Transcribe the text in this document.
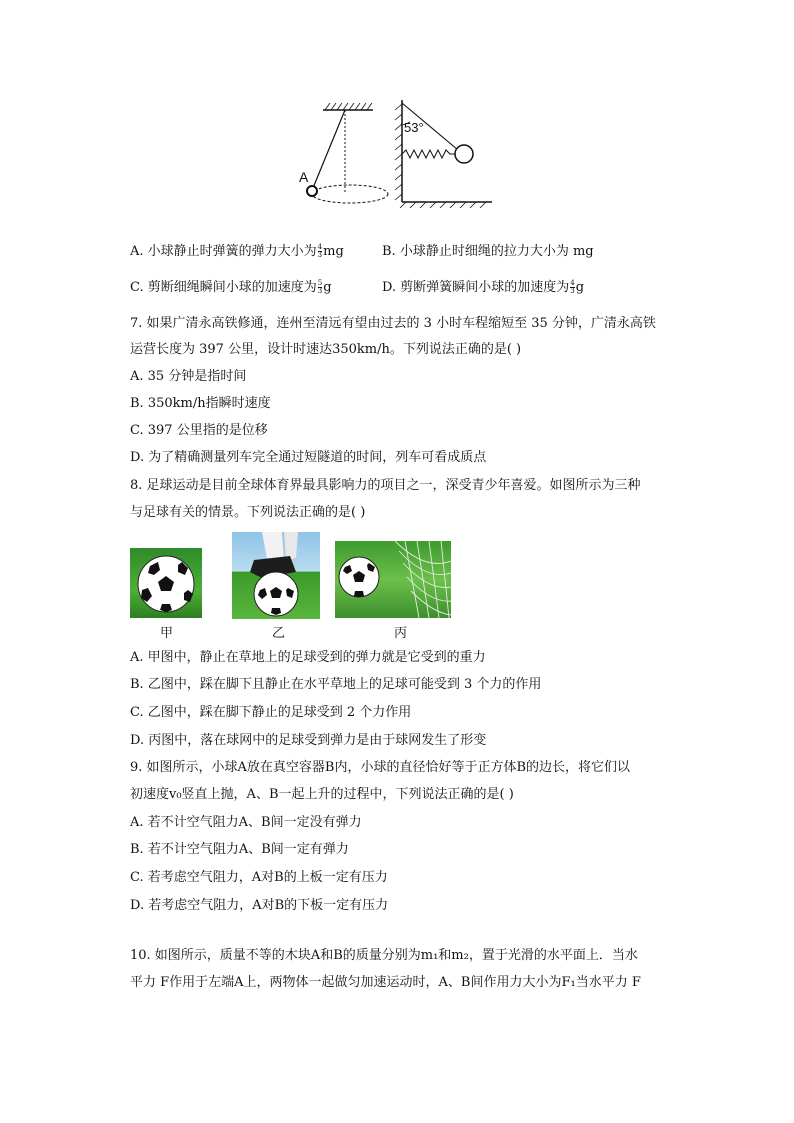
A
53°
A. 小球静止时弹簧的弹力大小为 $\frac{4}{3}$ mg	B. 小球静止时细绳的拉力大小为 mg
C. 剪断细绳瞬间小球的加速度为 $\frac{5}{3}$ g	D. 剪断弹簧瞬间小球的加速度为 $\frac{4}{3}$ g
7. 如果广清永高铁修通，连州至清远有望由过去的 3 小时车程缩短至 35 分钟，广清永高铁
运营长度为 397 公里，设计时速达350km/h。下列说法正确的是( )
A. 35 分钟是指时间
B. 350km/h指瞬时速度
C. 397 公里指的是位移
D. 为了精确测量列车完全通过短隧道的时间，列车可看成质点
8. 足球运动是目前全球体育界最具影响力的项目之一，深受青少年喜爱。如图所示为三种
与足球有关的情景。下列说法正确的是( )
甲	乙	丙
A. 甲图中，静止在草地上的足球受到的弹力就是它受到的重力
B. 乙图中，踩在脚下且静止在水平草地上的足球可能受到 3 个力的作用
C. 乙图中，踩在脚下静止的足球受到 2 个力作用
D. 丙图中，落在球网中的足球受到弹力是由于球网发生了形变
9. 如图所示，小球A放在真空容器B内，小球的直径恰好等于正方体B的边长，将它们以
初速度v₀竖直上抛，A、B一起上升的过程中，下列说法正确的是( )
A. 若不计空气阻力A、B间一定没有弹力
B. 若不计空气阻力A、B间一定有弹力
C. 若考虑空气阻力，A对B的上板一定有压力
D. 若考虑空气阻力，A对B的下板一定有压力
10. 如图所示，质量不等的木块A和B的质量分别为m₁和m₂，置于光滑的水平面上．当水
平力 F作用于左端A上，两物体一起做匀加速运动时，A、B间作用力大小为F₁当水平力 F
